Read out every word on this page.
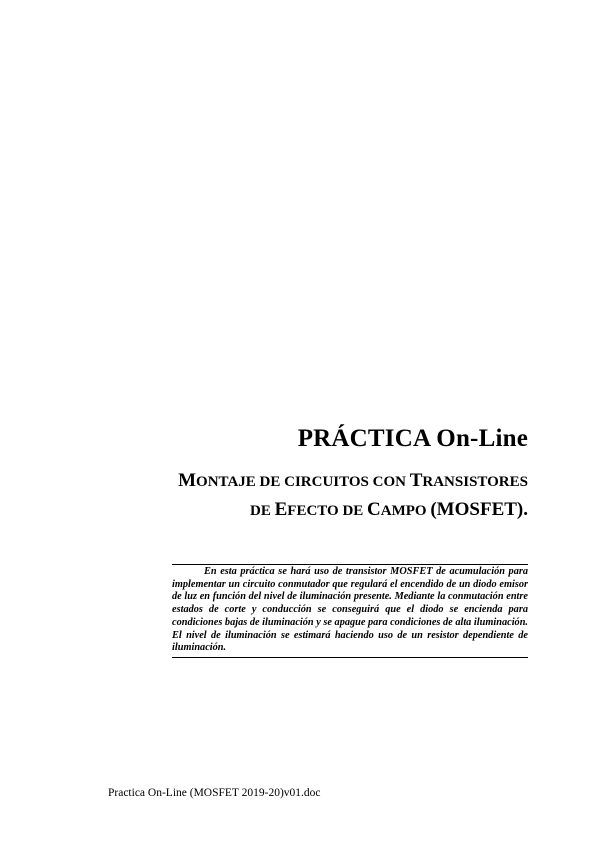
PRÁCTICA On-Line
MONTAJE DE CIRCUITOS CON TRANSISTORES
DE EFECTO DE CAMPO (MOSFET).
En esta práctica se hará uso de transistor MOSFET de acumulación para implementar un circuito conmutador que regulará el encendido de un diodo emisor de luz en función del nivel de iluminación presente. Mediante la conmutación entre estados de corte y conducción se conseguirá que el diodo se encienda para condiciones bajas de iluminación y se apague para condiciones de alta iluminación. El nivel de iluminación se estimará haciendo uso de un resistor dependiente de iluminación.
Practica On-Line (MOSFET 2019-20)v01.doc
